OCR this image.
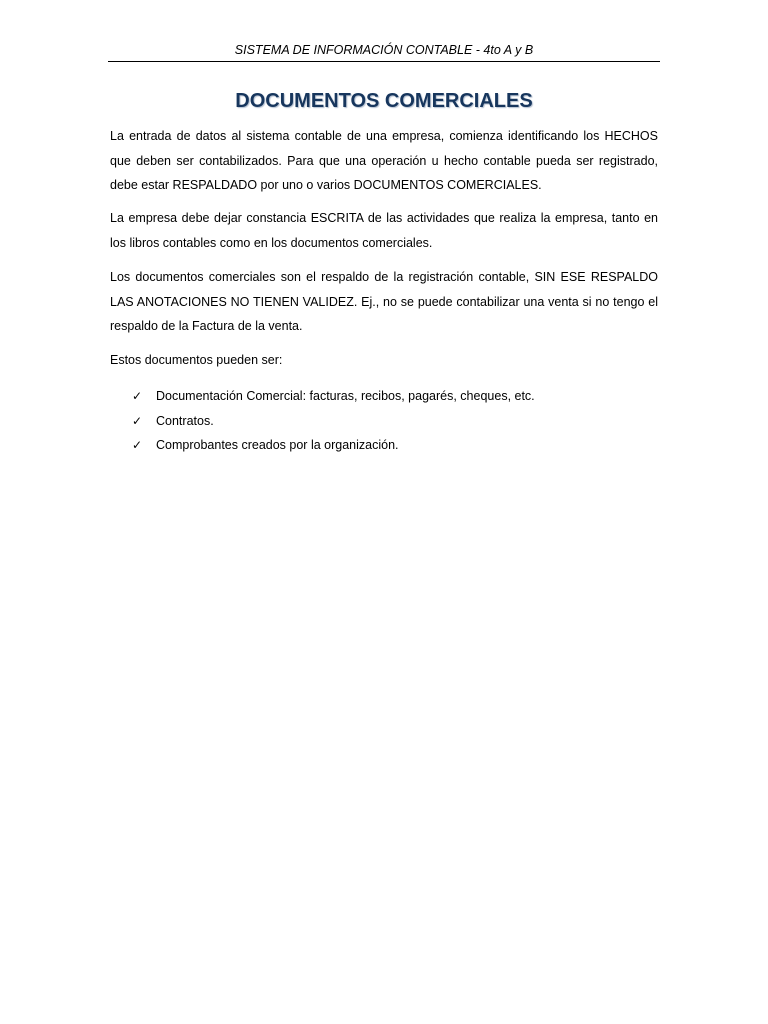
SISTEMA DE INFORMACIÓN CONTABLE - 4to A y B
DOCUMENTOS COMERCIALES

La entrada de datos al sistema contable de una empresa, comienza identificando los HECHOS que deben ser contabilizados. Para que una operación u hecho contable pueda ser registrado, debe estar RESPALDADO por uno o varios DOCUMENTOS COMERCIALES.

La empresa debe dejar constancia ESCRITA de las actividades que realiza la empresa, tanto en los libros contables como en los documentos comerciales.

Los documentos comerciales son el respaldo de la registración contable, SIN ESE RESPALDO LAS ANOTACIONES NO TIENEN VALIDEZ. Ej., no se puede contabilizar una venta si no tengo el respaldo de la Factura de la venta.

Estos documentos pueden ser:

✓	Documentación Comercial: facturas, recibos, pagarés, cheques, etc.
✓	Contratos.
✓	Comprobantes creados por la organización.
